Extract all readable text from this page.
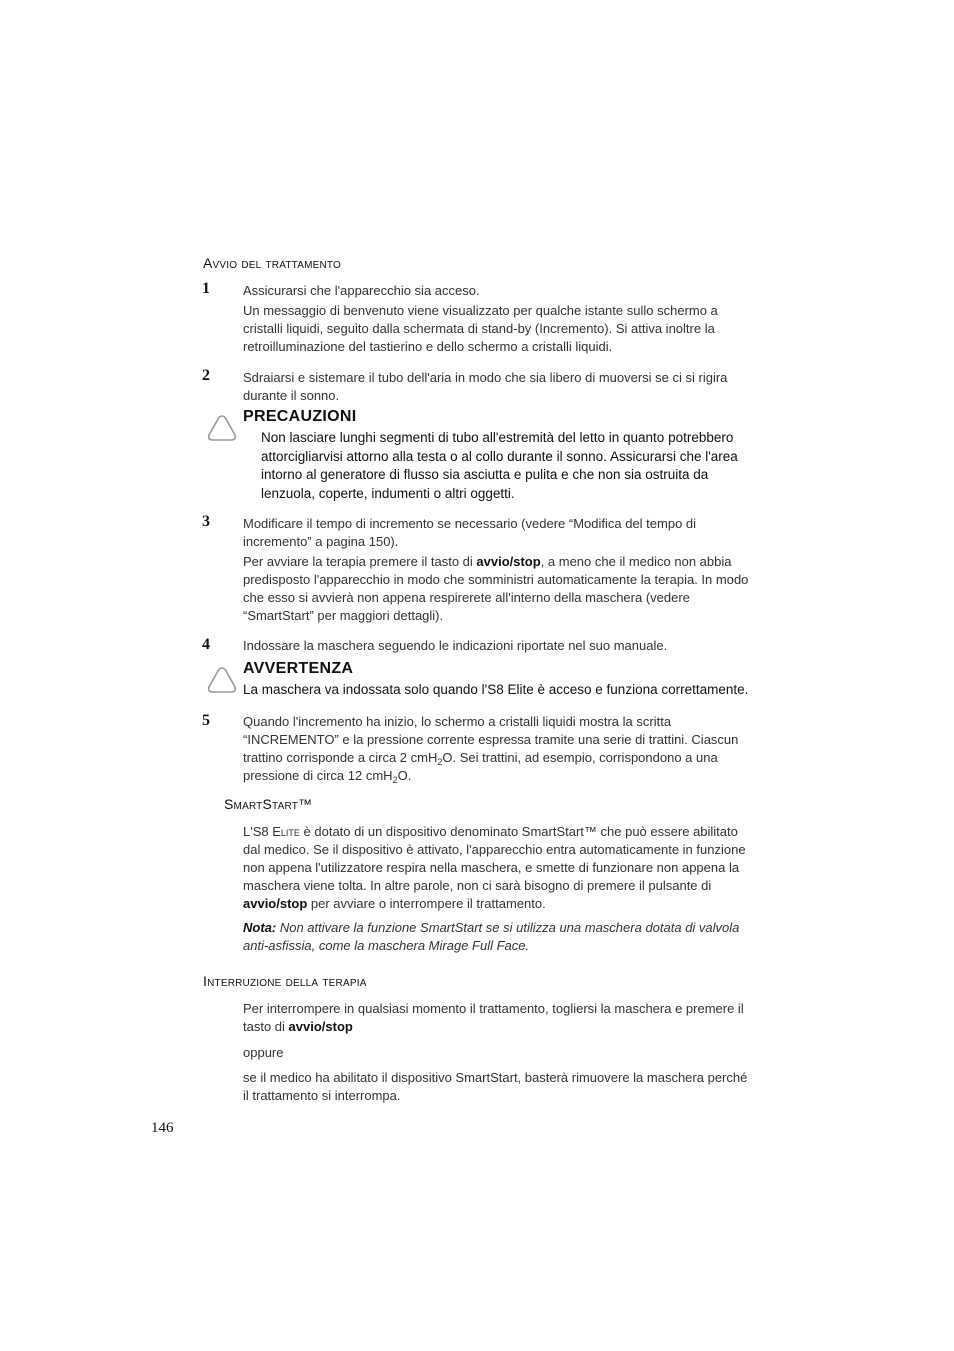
Avvio del trattamento
1	Assicurarsi che l'apparecchio sia acceso.
Un messaggio di benvenuto viene visualizzato per qualche istante sullo schermo a cristalli liquidi, seguito dalla schermata di stand-by (Incremento). Si attiva inoltre la retroilluminazione del tastierino e dello schermo a cristalli liquidi.
2	Sdraiarsi e sistemare il tubo dell'aria in modo che sia libero di muoversi se ci si rigira durante il sonno.
PRECAUZIONI
Non lasciare lunghi segmenti di tubo all'estremità del letto in quanto potrebbero attorcigliarvisi attorno alla testa o al collo durante il sonno. Assicurarsi che l'area intorno al generatore di flusso sia asciutta e pulita e che non sia ostruita da lenzuola, coperte, indumenti o altri oggetti.
3	Modificare il tempo di incremento se necessario (vedere “Modifica del tempo di incremento” a pagina 150).
Per avviare la terapia premere il tasto di avvio/stop, a meno che il medico non abbia predisposto l'apparecchio in modo che somministri automaticamente la terapia. In modo che esso si avvierà non appena respirerete all'interno della maschera (vedere “SmartStart” per maggiori dettagli).
4	Indossare la maschera seguendo le indicazioni riportate nel suo manuale.
AVVERTENZA
La maschera va indossata solo quando l'S8 Elite è acceso e funziona correttamente.
5	Quando l'incremento ha inizio, lo schermo a cristalli liquidi mostra la scritta “INCREMENTO” e la pressione corrente espressa tramite una serie di trattini. Ciascun trattino corrisponde a circa 2 cmH$_2$O. Sei trattini, ad esempio, corrispondono a una pressione di circa 12 cmH$_2$O.
SmartStart™
L'S8 Elite è dotato di un dispositivo denominato SmartStart™ che può essere abilitato dal medico. Se il dispositivo è attivato, l'apparecchio entra automaticamente in funzione non appena l'utilizzatore respira nella maschera, e smette di funzionare non appena la maschera viene tolta. In altre parole, non ci sarà bisogno di premere il pulsante di avvio/stop per avviare o interrompere il trattamento.
Nota: Non attivare la funzione SmartStart se si utilizza una maschera dotata di valvola anti-asfissia, come la maschera Mirage Full Face.
Interruzione della terapia
Per interrompere in qualsiasi momento il trattamento, togliersi la maschera e premere il tasto di avvio/stop
oppure
se il medico ha abilitato il dispositivo SmartStart, basterà rimuovere la maschera perché il trattamento si interrompa.
146
